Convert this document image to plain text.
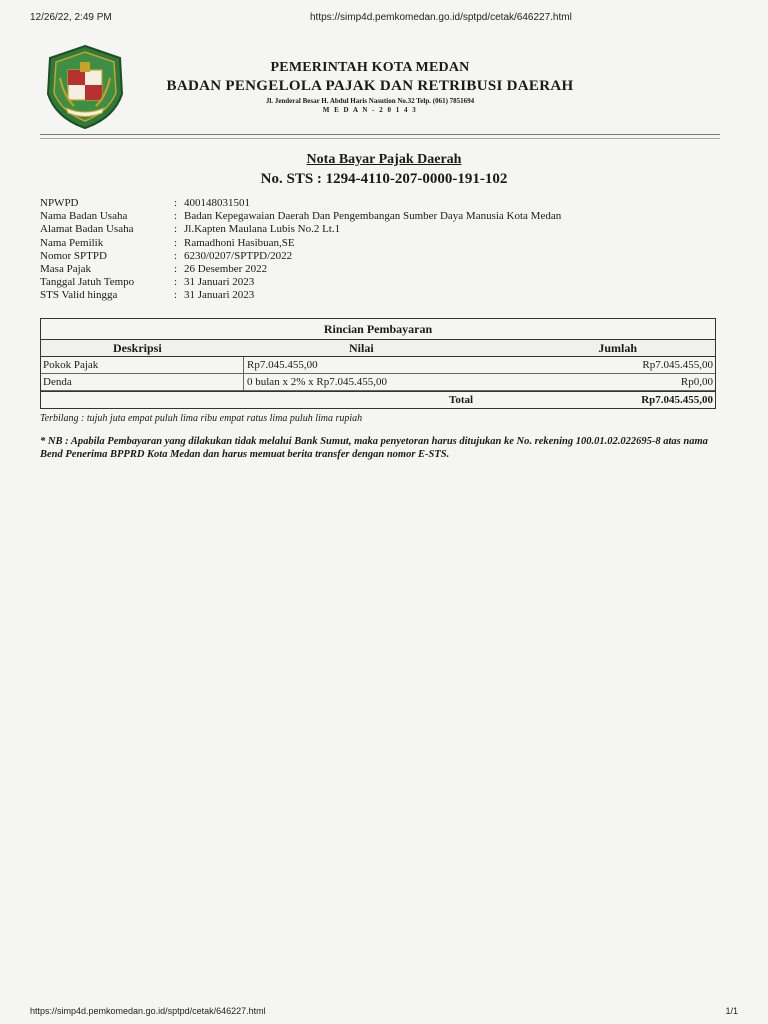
12/26/22, 2:49 PM	https://simp4d.pemkomedan.go.id/sptpd/cetak/646227.html
PEMERINTAH KOTA MEDAN
BADAN PENGELOLA PAJAK DAN RETRIBUSI DAERAH
Jl. Jenderal Besar H. Abdul Haris Nasution No.32 Telp. (061) 7851694
M E D A N - 2 0 1 4 3
Nota Bayar Pajak Daerah
No. STS : 1294-4110-207-0000-191-102
NPWPD	: 400148031501
Nama Badan Usaha	: Badan Kepegawaian Daerah Dan Pengembangan Sumber Daya Manusia Kota Medan
Alamat Badan Usaha	: Jl.Kapten Maulana Lubis No.2 Lt.1
Nama Pemilik	: Ramadhoni Hasibuan,SE
Nomor SPTPD	: 6230/0207/SPTPD/2022
Masa Pajak	: 26 Desember 2022
Tanggal Jatuh Tempo	: 31 Januari 2023
STS Valid hingga	: 31 Januari 2023
Rincian Pembayaran
Deskripsi	Nilai	Jumlah
Pokok Pajak	Rp7.045.455,00	Rp7.045.455,00
Denda	0 bulan x 2% x Rp7.045.455,00	Rp0,00
Total	Rp7.045.455,00
Terbilang : tujuh juta empat puluh lima ribu empat ratus lima puluh lima rupiah
* NB : Apabila Pembayaran yang dilakukan tidak melalui Bank Sumut, maka penyetoran harus ditujukan ke No. rekening 100.01.02.022695-8 atas nama Bend Penerima BPPRD Kota Medan dan harus memuat berita transfer dengan nomor E-STS.
https://simp4d.pemkomedan.go.id/sptpd/cetak/646227.html	1/1
